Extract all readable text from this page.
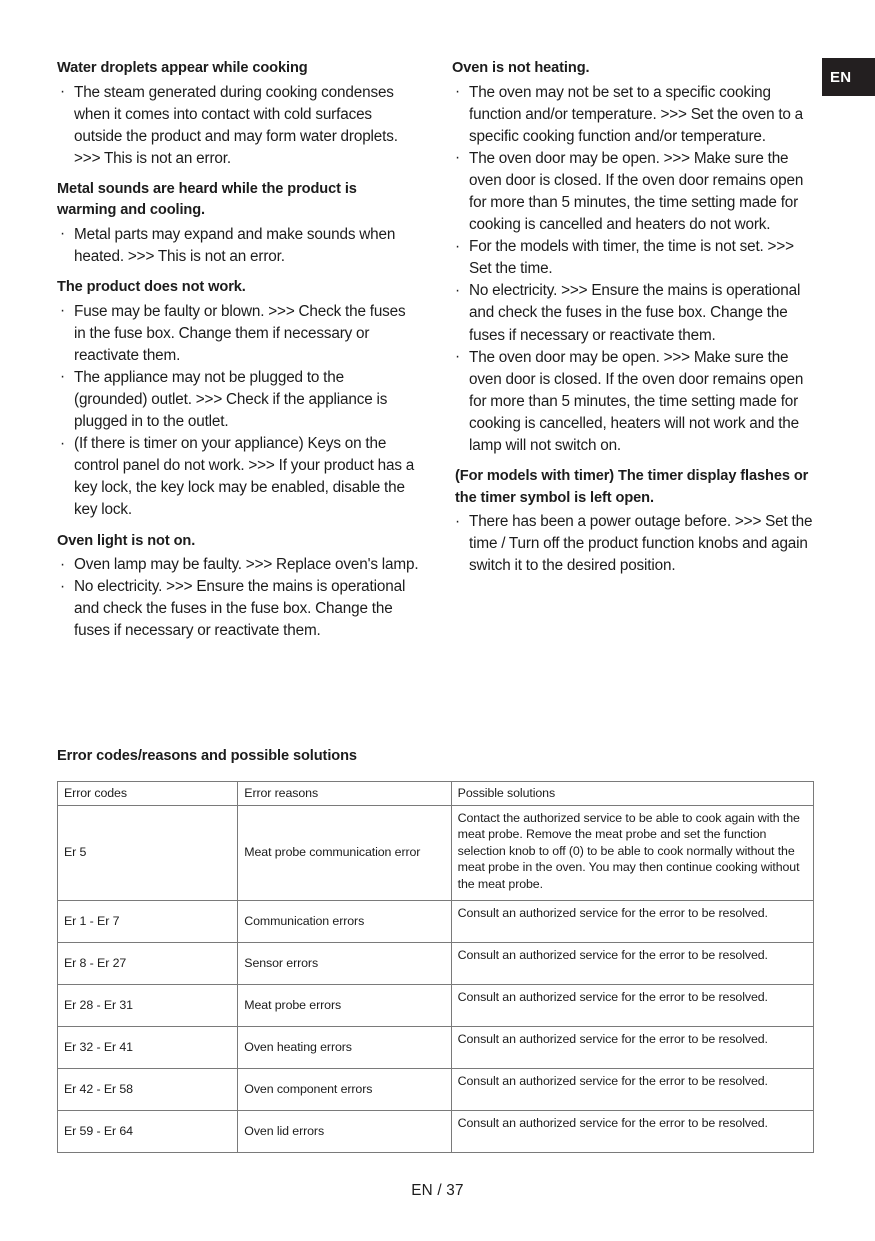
EN
Water droplets appear while cooking
· The steam generated during cooking condenses when it comes into contact with cold surfaces outside the product and may form water droplets. >>> This is not an error.
Metal sounds are heard while the product is warming and cooling.
· Metal parts may expand and make sounds when heated. >>> This is not an error.
The product does not work.
· Fuse may be faulty or blown. >>> Check the fuses in the fuse box. Change them if necessary or reactivate them.
· The appliance may not be plugged to the (grounded) outlet. >>> Check if the appliance is plugged in to the outlet.
· (If there is timer on your appliance) Keys on the control panel do not work. >>> If your product has a key lock, the key lock may be enabled, disable the key lock.
Oven light is not on.
· Oven lamp may be faulty. >>> Replace oven's lamp.
· No electricity. >>> Ensure the mains is operational and check the fuses in the fuse box. Change the fuses if necessary or reactivate them.
Oven is not heating.
· The oven may not be set to a specific cooking function and/or temperature. >>> Set the oven to a specific cooking function and/or temperature.
· The oven door may be open. >>> Make sure the oven door is closed. If the oven door remains open for more than 5 minutes, the time setting made for cooking is cancelled and heaters do not work.
· For the models with timer, the time is not set. >>> Set the time.
· No electricity. >>> Ensure the mains is operational and check the fuses in the fuse box. Change the fuses if necessary or reactivate them.
· The oven door may be open. >>> Make sure the oven door is closed. If the oven door remains open for more than 5 minutes, the time setting made for cooking is cancelled, heaters will not work and the lamp will not switch on.
(For models with timer) The timer display flashes or the timer symbol is left open.
· There has been a power outage before. >>> Set the time / Turn off the product function knobs and again switch it to the desired position.
Error codes/reasons and possible solutions
Error codes	Error reasons	Possible solutions
Er 5	Meat probe communication error	Contact the authorized service to be able to cook again with the meat probe. Remove the meat probe and set the function selection knob to off (0) to be able to cook normally without the meat probe in the oven. You may then continue cooking without the meat probe.
Er 1 - Er 7	Communication errors	Consult an authorized service for the error to be resolved.
Er 8 - Er 27	Sensor errors	Consult an authorized service for the error to be resolved.
Er 28 - Er 31	Meat probe errors	Consult an authorized service for the error to be resolved.
Er 32 - Er 41	Oven heating errors	Consult an authorized service for the error to be resolved.
Er 42 - Er 58	Oven component errors	Consult an authorized service for the error to be resolved.
Er 59 - Er 64	Oven lid errors	Consult an authorized service for the error to be resolved.
EN / 37
